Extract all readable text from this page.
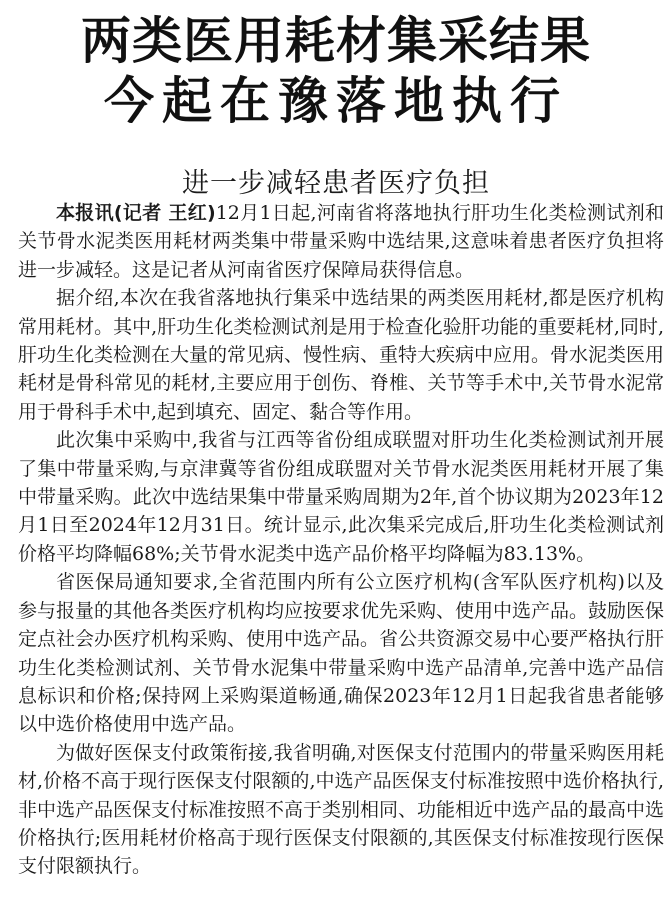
两类医用耗材集采结果
今起在豫落地执行
进一步减轻患者医疗负担

本报讯(记者 王红)12月1日起,河南省将落地执行肝功生化类检测试剂和关节骨水泥类医用耗材两类集中带量采购中选结果,这意味着患者医疗负担将进一步减轻。这是记者从河南省医疗保障局获得信息。

据介绍,本次在我省落地执行集采中选结果的两类医用耗材,都是医疗机构常用耗材。其中,肝功生化类检测试剂是用于检查化验肝功能的重要耗材,同时,肝功生化类检测在大量的常见病、慢性病、重特大疾病中应用。骨水泥类医用耗材是骨科常见的耗材,主要应用于创伤、脊椎、关节等手术中,关节骨水泥常用于骨科手术中,起到填充、固定、黏合等作用。

此次集中采购中,我省与江西等省份组成联盟对肝功生化类检测试剂开展了集中带量采购,与京津冀等省份组成联盟对关节骨水泥类医用耗材开展了集中带量采购。此次中选结果集中带量采购周期为2年,首个协议期为2023年12月1日至2024年12月31日。统计显示,此次集采完成后,肝功生化类检测试剂价格平均降幅68%;关节骨水泥类中选产品价格平均降幅为83.13%。

省医保局通知要求,全省范围内所有公立医疗机构(含军队医疗机构)以及参与报量的其他各类医疗机构均应按要求优先采购、使用中选产品。鼓励医保定点社会办医疗机构采购、使用中选产品。省公共资源交易中心要严格执行肝功生化类检测试剂、关节骨水泥集中带量采购中选产品清单,完善中选产品信息标识和价格;保持网上采购渠道畅通,确保2023年12月1日起我省患者能够以中选价格使用中选产品。

为做好医保支付政策衔接,我省明确,对医保支付范围内的带量采购医用耗材,价格不高于现行医保支付限额的,中选产品医保支付标准按照中选价格执行,非中选产品医保支付标准按照不高于类别相同、功能相近中选产品的最高中选价格执行;医用耗材价格高于现行医保支付限额的,其医保支付标准按现行医保支付限额执行。
